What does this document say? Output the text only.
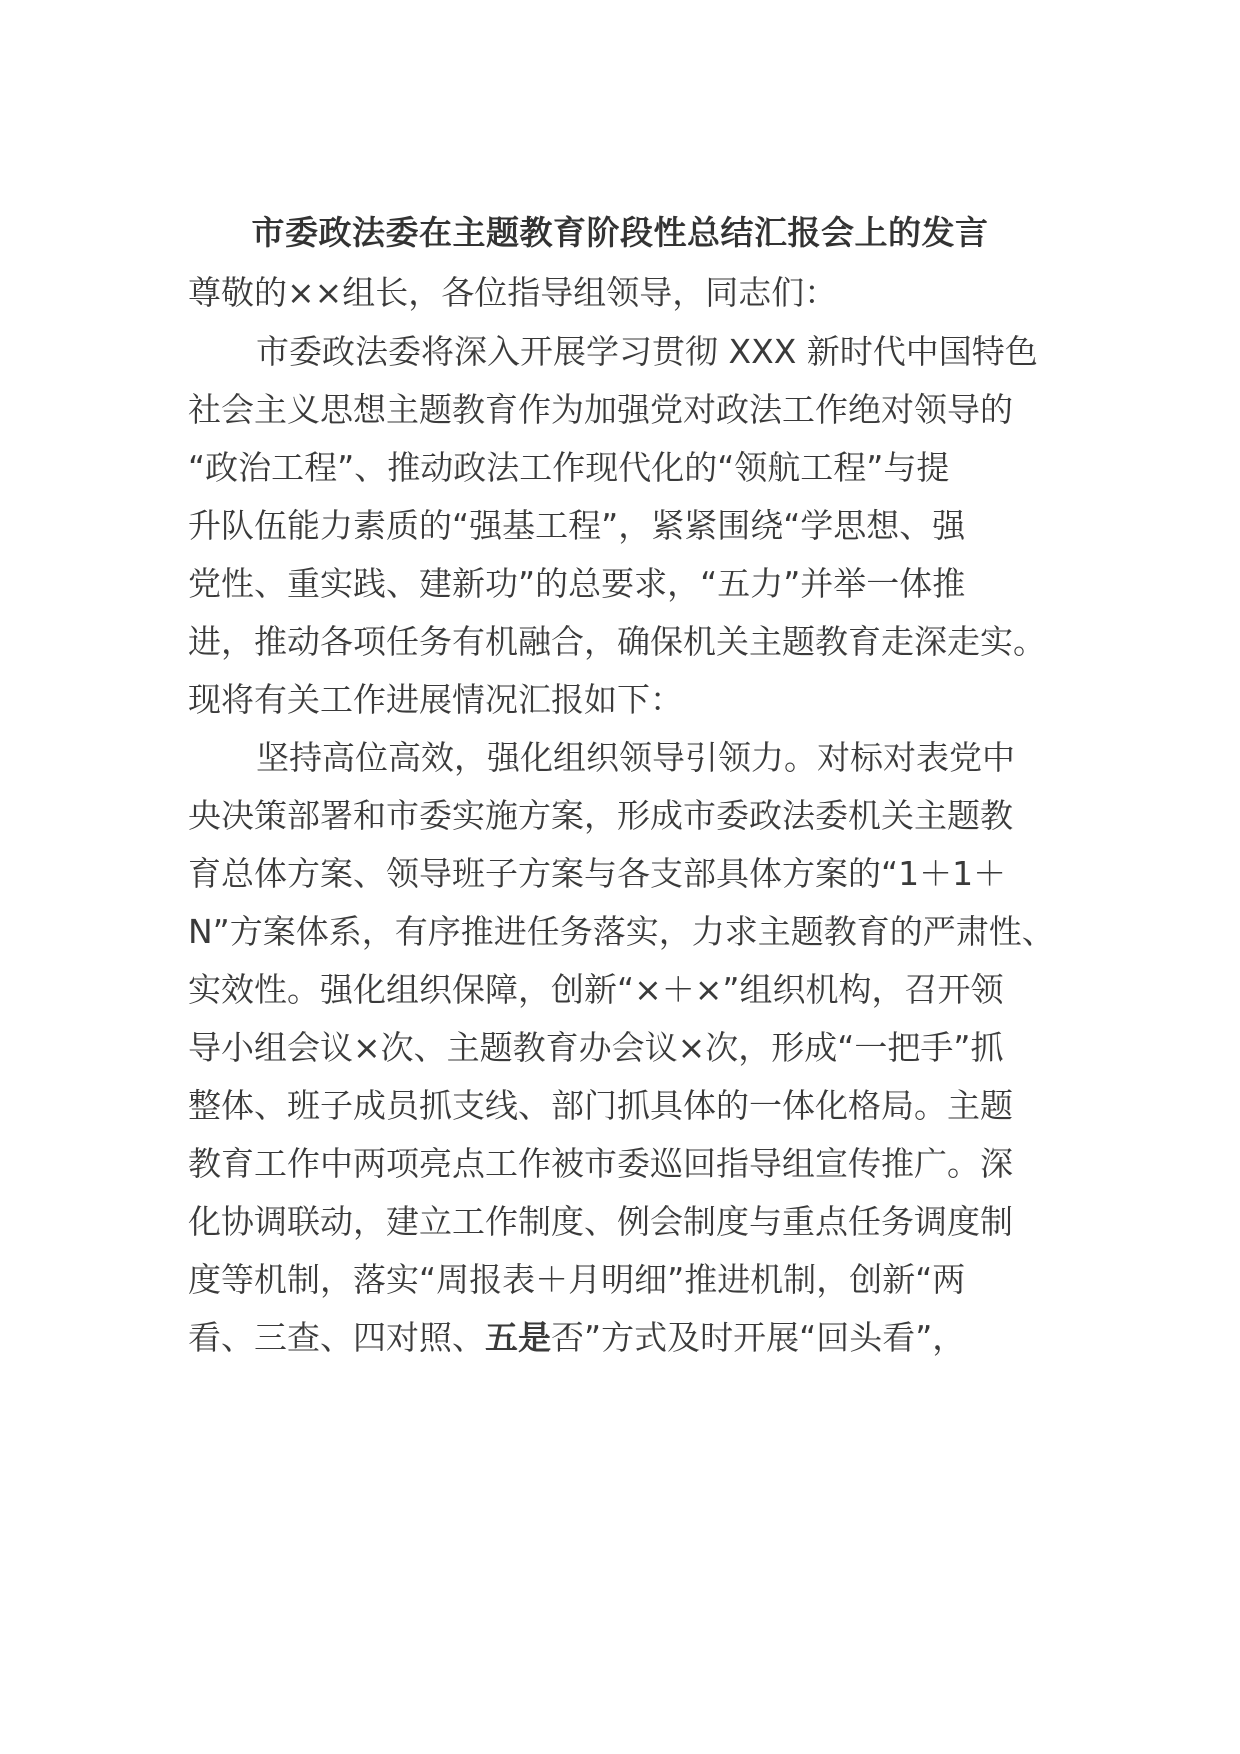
市委政法委在主题教育阶段性总结汇报会上的发言
尊敬的××组长，各位指导组领导，同志们：
市委政法委将深入开展学习贯彻 XXX 新时代中国特色
社会主义思想主题教育作为加强党对政法工作绝对领导的
“政治工程”、推动政法工作现代化的“领航工程”与提
升队伍能力素质的“强基工程”，紧紧围绕“学思想、强
党性、重实践、建新功”的总要求，“五力”并举一体推
进，推动各项任务有机融合，确保机关主题教育走深走实。
现将有关工作进展情况汇报如下：
坚持高位高效，强化组织领导引领力。对标对表党中
央决策部署和市委实施方案，形成市委政法委机关主题教
育总体方案、领导班子方案与各支部具体方案的“1＋1＋
N”方案体系，有序推进任务落实，力求主题教育的严肃性、
实效性。强化组织保障，创新“×＋×”组织机构，召开领
导小组会议×次、主题教育办会议×次，形成“一把手”抓
整体、班子成员抓支线、部门抓具体的一体化格局。主题
教育工作中两项亮点工作被市委巡回指导组宣传推广。深
化协调联动，建立工作制度、例会制度与重点任务调度制
度等机制，落实“周报表＋月明细”推进机制，创新“两
看、三查、四对照、五是否”方式及时开展“回头看”，
